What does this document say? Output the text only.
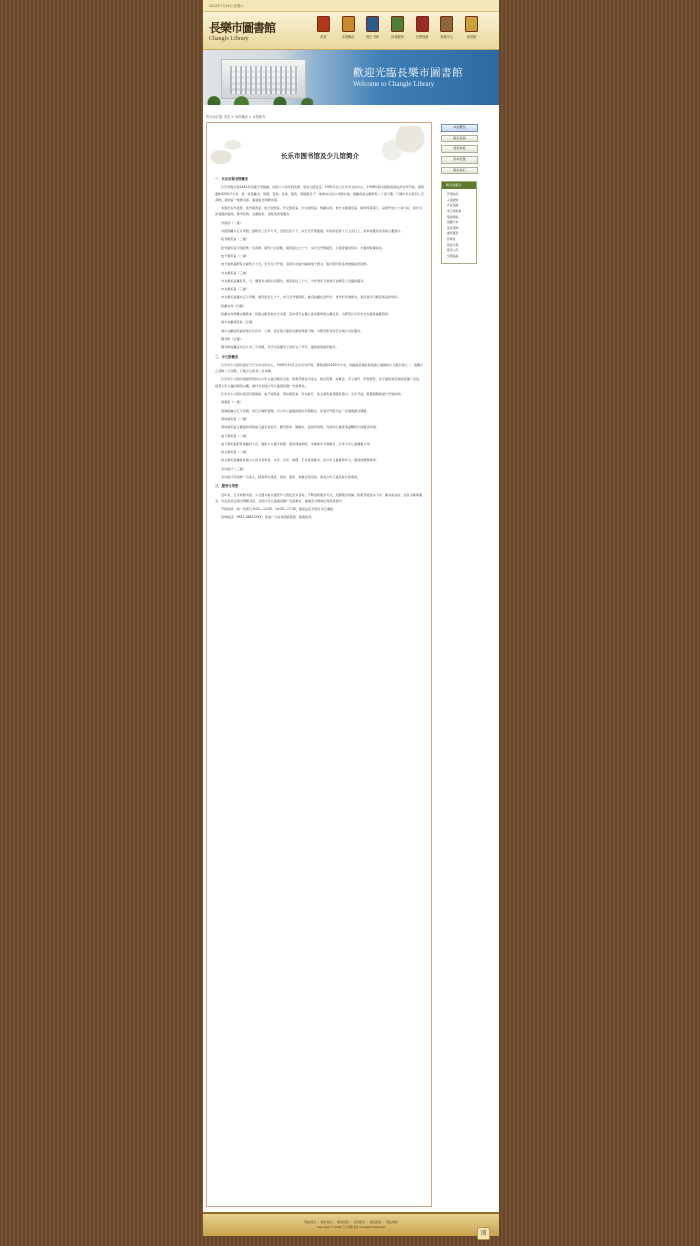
2012年7月18日 星期六
長樂市圖書館
Changle Library	首页	本馆概况	网上书库	读者服务	长图视窗	资源中心	意见箱
歡迎光臨長樂市圖書館
Welcome to Changle Library
您当前位置: 首页 > 本馆概况 > 本馆简介
长乐市图书馆及少儿馆简介
一、长乐市图书馆概况

长乐市图书馆1942年创建于吴航镇，历经六十余年的发展，馆舍几经变迁。1991年迁入长乐市文化中心，1998年图书馆新馆落成并对外开放，建筑面积4200平方米，是一座集藏书、借阅、咨询、培训、展览、网络服务于一体的综合性公共图书馆。馆藏各类文献资料二十余万册，订阅中外文报刊八百余种，是国家一级图书馆、福建省文明图书馆。

本馆设有外借部、报刊阅览室、电子阅览室、外文阅览室、中文阅览室、特藏书库、地方文献阅览室、期刊库等部门，每周开放六十余小时，常年为读者提供借阅、参考咨询、文献检索、讲座培训等服务。

外借部（一楼）

外借部藏书五万余册，面积约三百平方米，设座位四十个，实行全开架借阅，年接待读者十万人次以上，是本馆服务读者的主要窗口。

报刊阅览室（二楼）

报刊阅览室订阅报纸一百余种、期刊六百余种，阅览座位七十个，实行全开架阅览，为读者提供及时、丰富的时事信息。

电子阅览室（二楼）

电子阅览室配有计算机六十台，实行全天开放，读者可在馆内查阅电子图书、数字期刊及各类网络信息资源。

外文阅览室（三楼）

外文阅览室藏有英、日、俄等外文图书及期刊，阅览座位三十个，为外语学习者和专业研究人员提供服务。

中文阅览室（三楼）

中文阅览室藏书五万余册，阅览座位七十个，实行全开架阅览，重点收藏社会科学、自然科学类图书，是读者学习研究的良好场所。

特藏书库（四楼）

特藏书库珍藏古籍善本、民国文献及地方志书等，其中部分古籍入选省级珍贵古籍名录，为研究长乐历史文化提供重要资料。

地方文献阅览室（五楼）

地方文献阅览室收集长乐历史、人物、侨乡等方面的文献资料数千种，为研究和宣传长乐地方文化服务。

期刊库（五楼）

期刊库收藏过刊合订本二万余册，年代可追溯至上世纪五十年代，提供查阅复印服务。

二、少儿馆概况

长乐市少儿图书馆位于长乐市文化中心，2005年10月正式对外开放，建筑面积1200平方米，是福建省首批县级独立建制的少儿图书馆之一，馆藏少儿读物八万余册，订阅少儿报刊二百余种。

长乐市少儿图书馆始终坚持以少年儿童为服务主体，积极开展读书征文、知识竞赛、故事会、手工制作、科普展览、亲子阅读等各类阅读推广活动，培养少年儿童的阅读兴趣，被评为全国少年儿童阅读推广先进单位。

长乐市少儿图书馆设有借阅室、电子阅览室、低幼阅览室、多功能厅、综合阅览室等服务窗口，全年开放，寒暑假期间延长开放时间。

借阅室（一楼）

借阅室藏书五万余册，实行计算机管理，为少年儿童提供图书外借服务，读者可凭借书证一次借阅图书两册。

低幼阅览室（一楼）

低幼阅览室主要面向学龄前儿童及其家长，配有绘本、图画书、益智玩具等，为低幼儿童营造温馨快乐的阅读环境。

电子阅览室（二楼）

电子阅览室配有电脑四十台，提供少儿数字资源、绿色网络浏览、多媒体学习等服务，引导少年儿童健康上网。

综合阅览室（二楼）

综合阅览室藏有各类少儿报刊及科普、文学、历史、地理、艺术等类图书，是少年儿童课余学习、阅读的理想场所。

多功能厅（三楼）

多功能厅可容纳一百余人，经常举办讲座、培训、展览、故事会等活动，深受少年儿童及家长的欢迎。

三、服务与荣誉

近年来，长乐市图书馆、少儿图书馆以建设学习型社会为目标，不断创新服务方式，拓展服务领域，积极开展送书下乡、图书流动站、农家书屋等服务，先后荣获全国文明图书馆、全国少年儿童阅读推广先进单位、福建省文明单位等荣誉称号。

开馆时间：周一至周日 8:00—12:00、14:30—17:30，国家法定节假日另行通知。

咨询电话：0591-28822XXX，欢迎广大读者到馆借阅、参观指导。

本馆概况
服务指南
规章制度
机构设置
联系我们
图书馆服务
· 开馆时间
· 入馆须知
· 办证指南
· 电子阅览室
· 借阅规则
· 馆藏分布
· 读者须知
· 委托服务
· 咨询台
· 读者书架
· 规章公约
· 交通指南
网站首页 ｜ 联系我们 ｜ 服务指南 ｜ 在线留言 ｜ 相关链接 ｜ 网站地图
Copyright © 2008 长乐市图书馆 All Rights Reserved
顶
